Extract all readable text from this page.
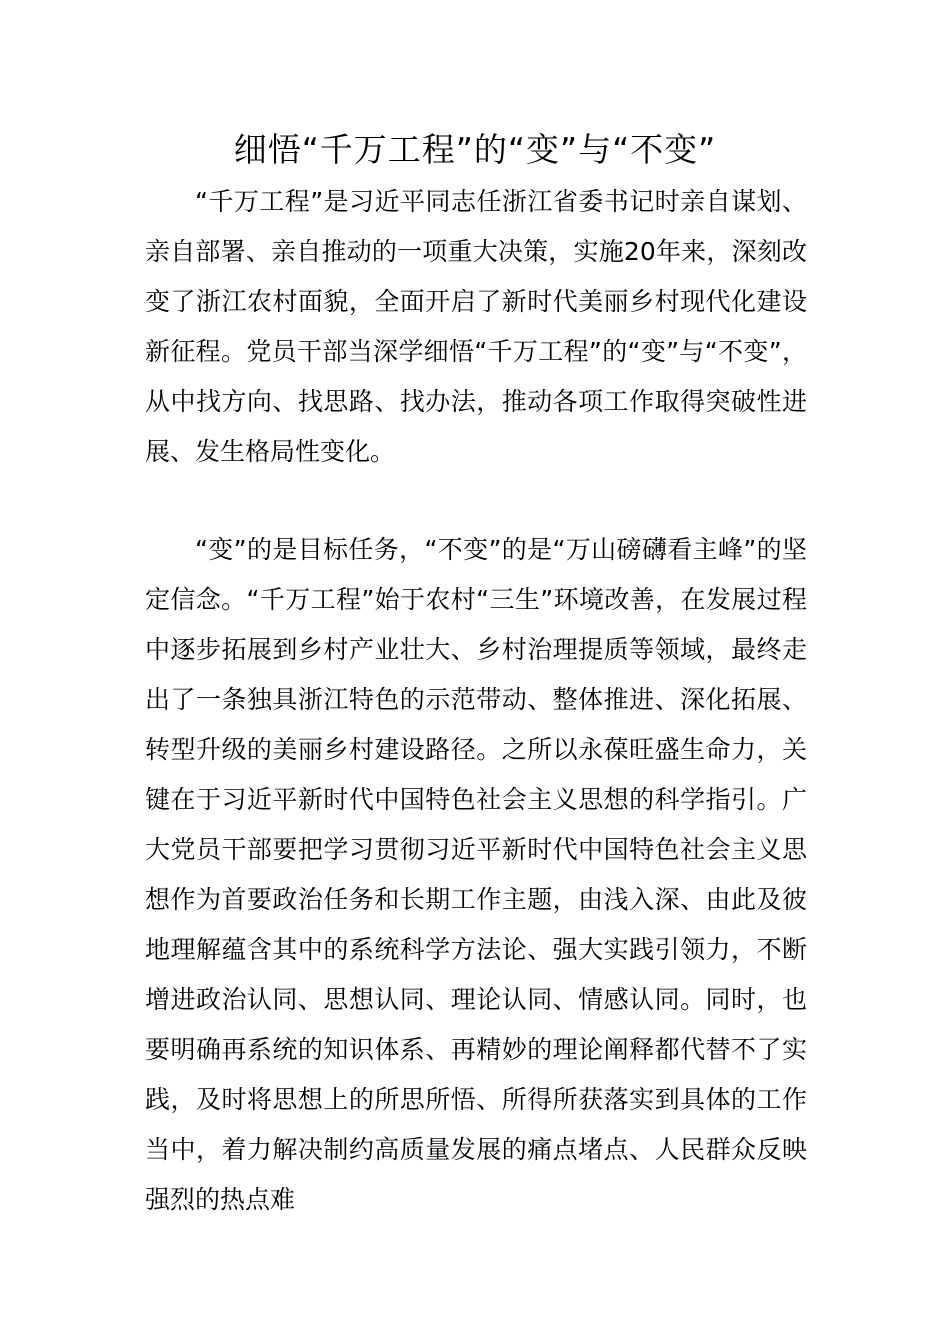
细悟“千万工程”的“变”与“不变”

“千万工程”是习近平同志任浙江省委书记时亲自谋划、亲自部署、亲自推动的一项重大决策，实施20年来，深刻改变了浙江农村面貌，全面开启了新时代美丽乡村现代化建设新征程。党员干部当深学细悟“千万工程”的“变”与“不变”，从中找方向、找思路、找办法，推动各项工作取得突破性进展、发生格局性变化。

“变”的是目标任务，“不变”的是“万山磅礴看主峰”的坚定信念。“千万工程”始于农村“三生”环境改善，在发展过程中逐步拓展到乡村产业壮大、乡村治理提质等领域，最终走出了一条独具浙江特色的示范带动、整体推进、深化拓展、转型升级的美丽乡村建设路径。之所以永葆旺盛生命力，关键在于习近平新时代中国特色社会主义思想的科学指引。广大党员干部要把学习贯彻习近平新时代中国特色社会主义思想作为首要政治任务和长期工作主题，由浅入深、由此及彼地理解蕴含其中的系统科学方法论、强大实践引领力，不断增进政治认同、思想认同、理论认同、情感认同。同时，也要明确再系统的知识体系、再精妙的理论阐释都代替不了实践，及时将思想上的所思所悟、所得所获落实到具体的工作当中，着力解决制约高质量发展的痛点堵点、人民群众反映强烈的热点难
